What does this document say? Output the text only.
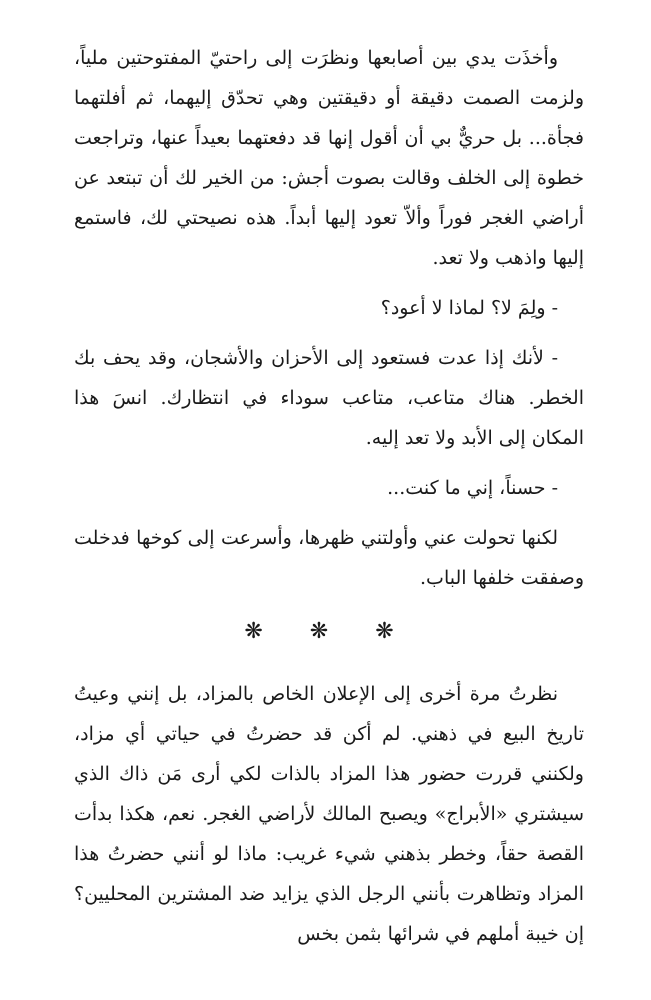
وأخذَت يدي بين أصابعها ونظرَت إلى راحتيّ المفتوحتين ملياً، ولزمت الصمت دقيقة أو دقيقتين وهي تحدّق إليهما، ثم أفلتهما فجأة... بل حريٌّ بي أن أقول إنها قد دفعتهما بعيداً عنها، وتراجعت خطوة إلى الخلف وقالت بصوت أجش: من الخير لك أن تبتعد عن أراضي الغجر فوراً وألاّ تعود إليها أبداً. هذه نصيحتي لك، فاستمع إليها واذهب ولا تعد.
- ولِمَ لا؟ لماذا لا أعود؟
- لأنك إذا عدت فستعود إلى الأحزان والأشجان، وقد يحف بك الخطر. هناك متاعب، متاعب سوداء في انتظارك. انسَ هذا المكان إلى الأبد ولا تعد إليه.
- حسناً، إني ما كنت...
لكنها تحولت عني وأولتني ظهرها، وأسرعت إلى كوخها فدخلت وصفقت خلفها الباب.
❋ ❋ ❋
نظرتُ مرة أخرى إلى الإعلان الخاص بالمزاد، بل إنني وعيتُ تاريخ البيع في ذهني. لم أكن قد حضرتُ في حياتي أي مزاد، ولكنني قررت حضور هذا المزاد بالذات لكي أرى مَن ذاك الذي سيشتري «الأبراج» ويصبح المالك لأراضي الغجر. نعم، هكذا بدأت القصة حقاً، وخطر بذهني شيء غريب: ماذا لو أنني حضرتُ هذا المزاد وتظاهرت بأنني الرجل الذي يزايد ضد المشترين المحليين؟ إن خيبة أملهم في شرائها بثمن بخس
